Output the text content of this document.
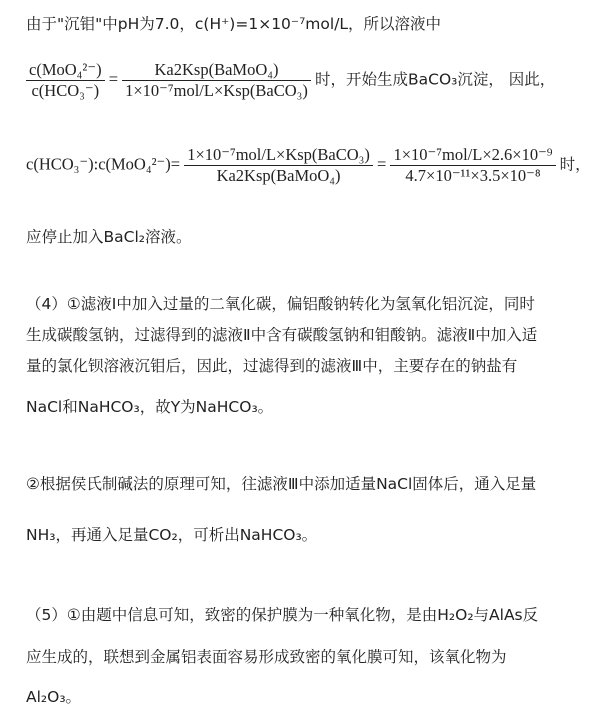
由于"沉钼"中pH为7.0，c(H⁺)=1×10⁻⁷mol/L，所以溶液中
c(MoO₄²⁻)
c(HCO₃⁻)
=	Ka2Ksp(BaMoO₄)
1×10⁻⁷mol/L×Ksp(BaCO₃)
时，开始生成BaCO₃沉淀， 因此，
c(HCO₃⁻):c(MoO₄²⁻)= 1×10⁻⁷mol/L×Ksp(BaCO₃)
Ka2Ksp(BaMoO₄)
= 1×10⁻⁷mol/L×2.6×10⁻⁹
4.7×10⁻¹¹×3.5×10⁻⁸
时，
应停止加入BaCl₂溶液。
（4）①滤液Ⅰ中加入过量的二氧化碳，偏铝酸钠转化为氢氧化铝沉淀，同时
生成碳酸氢钠，过滤得到的滤液Ⅱ中含有碳酸氢钠和钼酸钠。滤液Ⅱ中加入适
量的氯化钡溶液沉钼后，因此，过滤得到的滤液Ⅲ中，主要存在的钠盐有
NaCl和NaHCO₃，故Y为NaHCO₃。
②根据侯氏制碱法的原理可知，往滤液Ⅲ中添加适量NaCl固体后，通入足量
NH₃，再通入足量CO₂，可析出NaHCO₃。
（5）①由题中信息可知，致密的保护膜为一种氧化物，是由H₂O₂与AlAs反
应生成的，联想到金属铝表面容易形成致密的氧化膜可知，该氧化物为
Al₂O₃。
